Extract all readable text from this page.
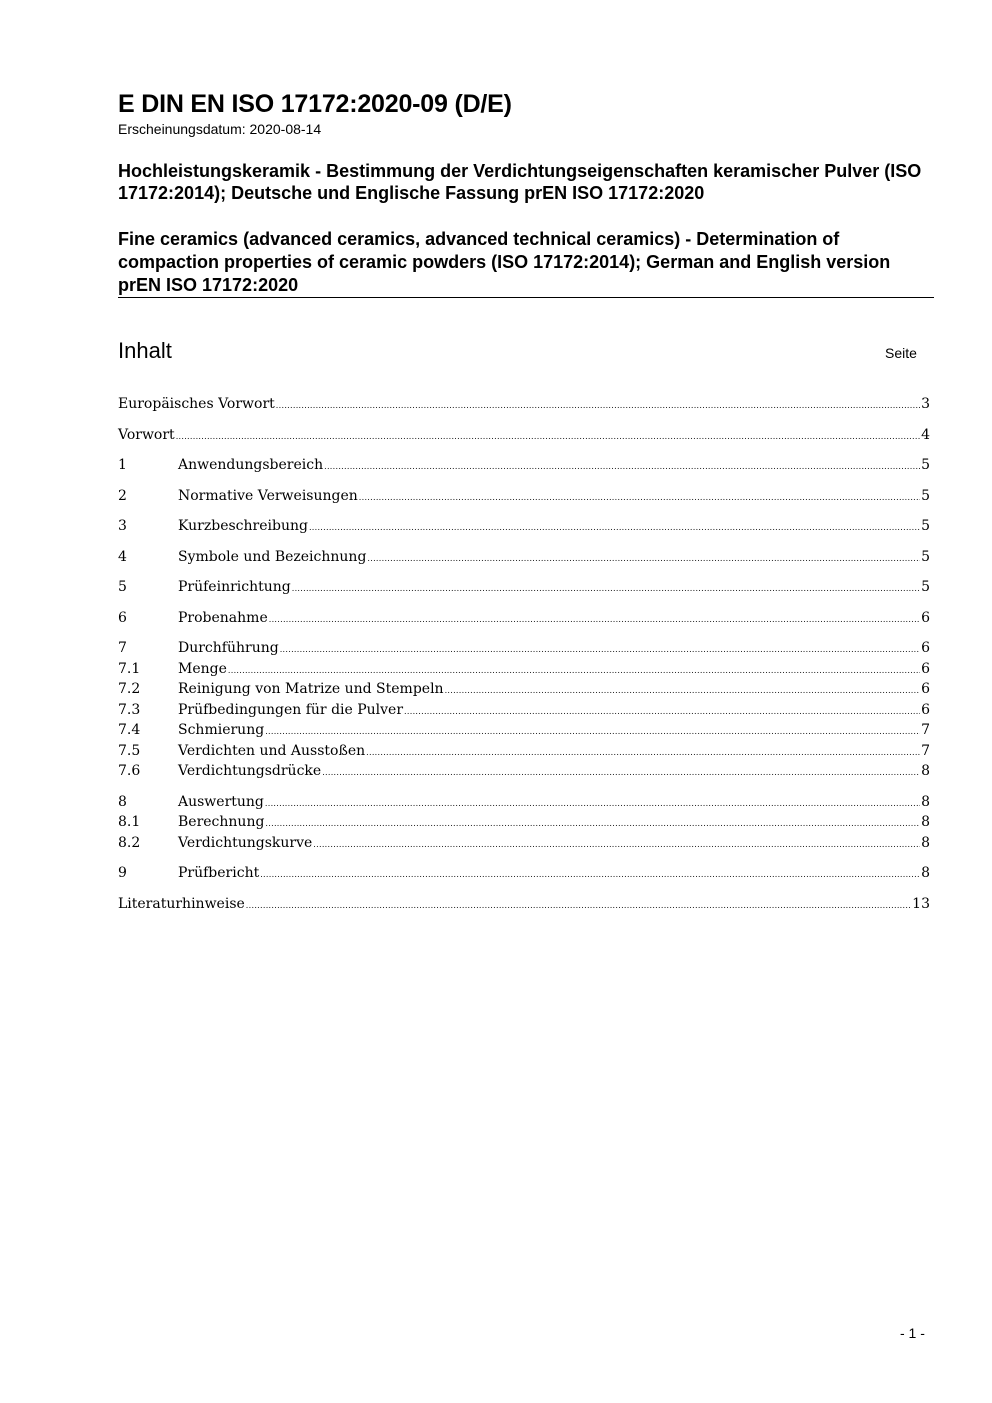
E DIN EN ISO 17172:2020-09 (D/E)
Erscheinungsdatum: 2020-08-14
Hochleistungskeramik - Bestimmung der Verdichtungseigenschaften keramischer Pulver (ISO 17172:2014); Deutsche und Englische Fassung prEN ISO 17172:2020
Fine ceramics (advanced ceramics, advanced technical ceramics) - Determination of compaction properties of ceramic powders (ISO 17172:2014); German and English version prEN ISO 17172:2020
Inhalt	Seite
Europäisches Vorwort .....	3
Vorwort .....	4
1	Anwendungsbereich .....	5
2	Normative Verweisungen .....	5
3	Kurzbeschreibung .....	5
4	Symbole und Bezeichnung .....	5
5	Prüfeinrichtung .....	5
6	Probenahme .....	6
7	Durchführung .....	6
7.1	Menge .....	6
7.2	Reinigung von Matrize und Stempeln .....	6
7.3	Prüfbedingungen für die Pulver .....	6
7.4	Schmierung .....	7
7.5	Verdichten und Ausstoßen .....	7
7.6	Verdichtungsdrücke .....	8
8	Auswertung .....	8
8.1	Berechnung .....	8
8.2	Verdichtungskurve .....	8
9	Prüfbericht .....	8
Literaturhinweise .....	13
- 1 -
